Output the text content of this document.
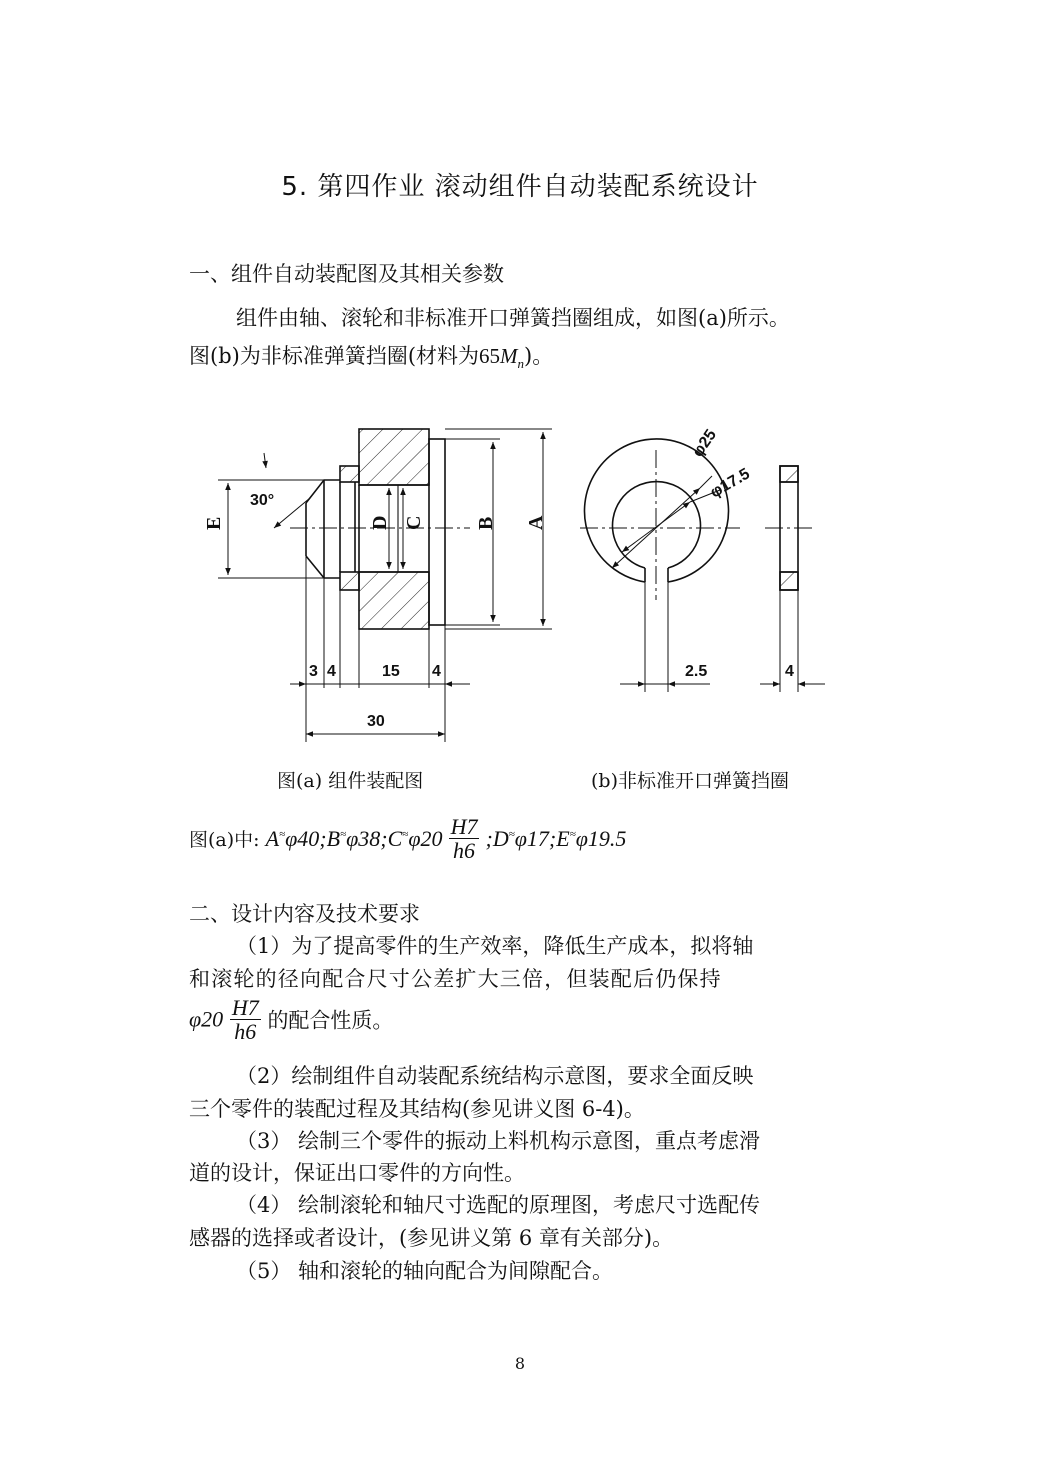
5. 第四作业 滚动组件自动装配系统设计
一、组件自动装配图及其相关参数
组件由轴、滚轮和非标准开口弹簧挡圈组成，如图(a)所示。
图(b)为非标准弹簧挡圈(材料为$65M_n$)。
E	D C	B A
30°
3 4	15 4
30
φ25
φ17.5
2.5	4
图(a) 组件装配图	(b)非标准开口弹簧挡圈
图(a)中: A≈φ40;B≈φ38;C≈φ20 $\frac{H7}{h6}$ ;D≈φ17;E≈φ19.5
二、设计内容及技术要求
（1）为了提高零件的生产效率，降低生产成本，拟将轴
和滚轮的径向配合尺寸公差扩大三倍，但装配后仍保持
$\varphi 20 \frac{H7}{h6}$ 的配合性质。
（2）绘制组件自动装配系统结构示意图，要求全面反映
三个零件的装配过程及其结构(参见讲义图 6-4)。
（3） 绘制三个零件的振动上料机构示意图，重点考虑滑
道的设计，保证出口零件的方向性。
（4） 绘制滚轮和轴尺寸选配的原理图，考虑尺寸选配传
感器的选择或者设计，(参见讲义第 6 章有关部分)。
（5） 轴和滚轮的轴向配合为间隙配合。
8
